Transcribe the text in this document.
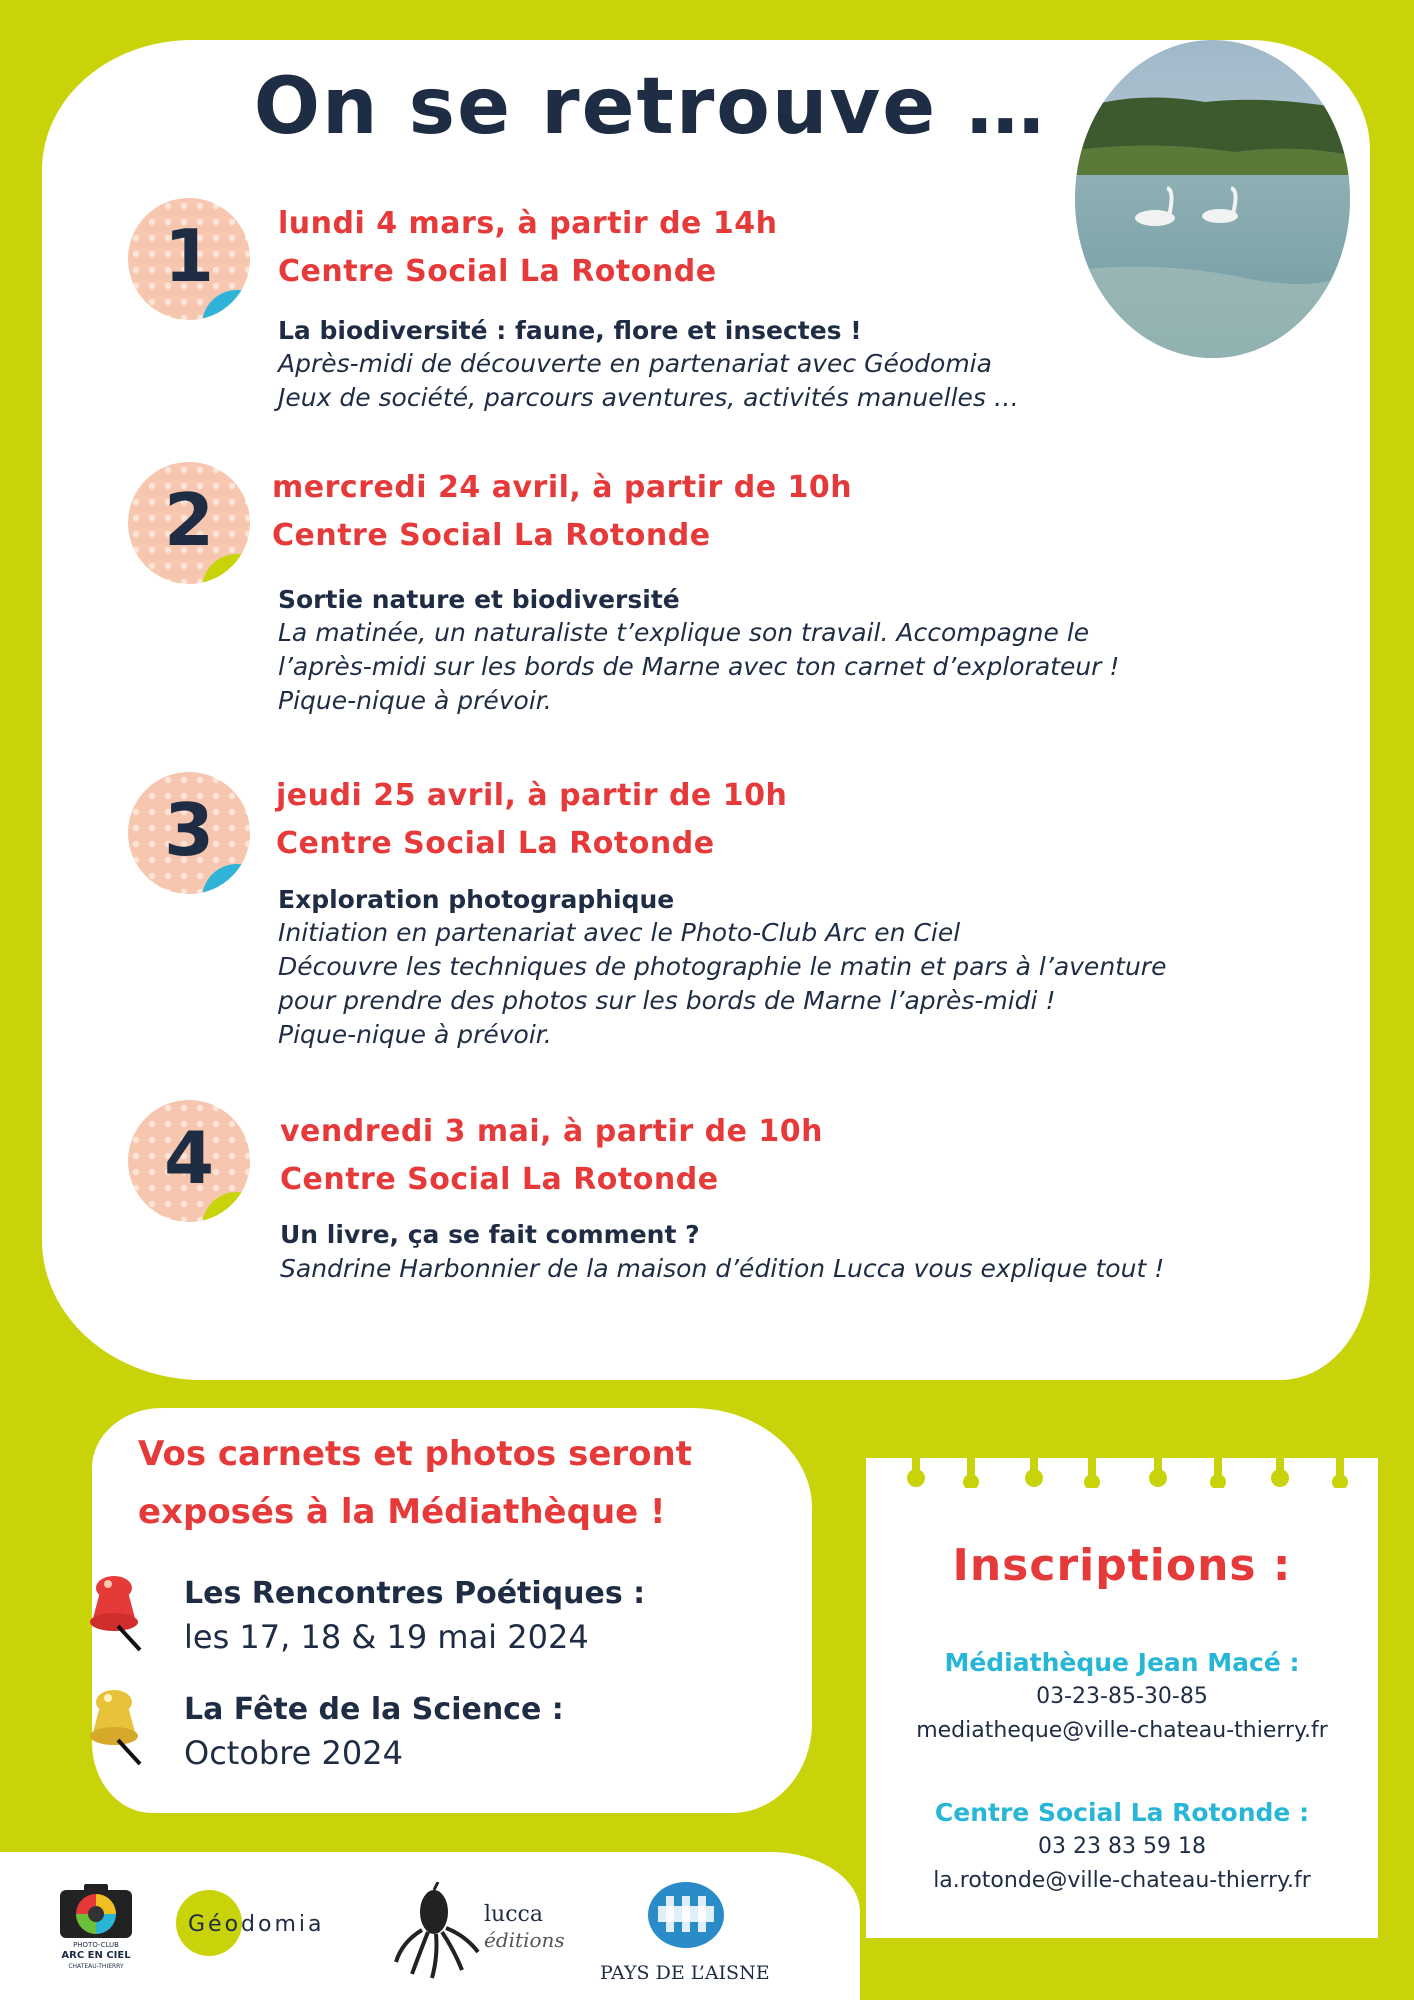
On se retrouve …
1	lundi 4 mars, à partir de 14h
Centre Social La Rotonde
La biodiversité : faune, flore et insectes !
Après-midi de découverte en partenariat avec Géodomia
Jeux de société, parcours aventures, activités manuelles …
2	mercredi 24 avril, à partir de 10h
Centre Social La Rotonde
Sortie nature et biodiversité
La matinée, un naturaliste t’explique son travail. Accompagne le
l’après-midi sur les bords de Marne avec ton carnet d’explorateur !
Pique-nique à prévoir.
3	jeudi 25 avril, à partir de 10h
Centre Social La Rotonde
Exploration photographique
Initiation en partenariat avec le Photo-Club Arc en Ciel
Découvre les techniques de photographie le matin et pars à l’aventure
pour prendre des photos sur les bords de Marne l’après-midi !
Pique-nique à prévoir.
4	vendredi 3 mai, à partir de 10h
Centre Social La Rotonde
Un livre, ça se fait comment ?
Sandrine Harbonnier de la maison d’édition Lucca vous explique tout !
Vos carnets et photos seront
exposés à la Médiathèque !
Les Rencontres Poétiques :
les 17, 18 & 19 mai 2024
La Fête de la Science :
Octobre 2024
Inscriptions :
Médiathèque Jean Macé :
03-23-85-30-85
mediatheque@ville-chateau-thierry.fr
Centre Social La Rotonde :
03 23 83 59 18
la.rotonde@ville-chateau-thierry.fr
PHOTO-CLUB
ARC EN CIEL
CHATEAU-THIERRY
Géodomia	lucca
éditions
PAYS DE L’AISNE
